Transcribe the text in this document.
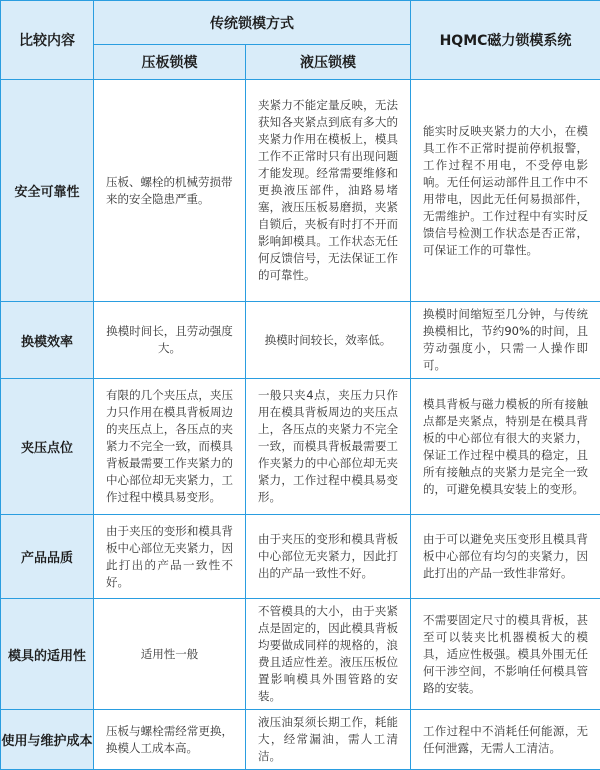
比较内容	传统锁模方式		HQMC磁力锁模系统
	压板锁模	液压锁模	
安全可靠性	压板、螺栓的机械劳损带来的安全隐患严重。	夹紧力不能定量反映，无法获知各夹紧点到底有多大的夹紧力作用在模板上，模具工作不正常时只有出现问题才能发现。经常需要维修和更换液压部件，油路易堵塞，液压压板易磨损，夹紧自锁后，夹板有时打不开而影响卸模具。工作状态无任何反馈信号，无法保证工作的可靠性。	能实时反映夹紧力的大小，在模具工作不正常时提前停机报警，工作过程不用电，不受停电影响。无任何运动部件且工作中不用带电，因此无任何易损部件，无需维护。工作过程中有实时反馈信号检测工作状态是否正常，可保证工作的可靠性。
换模效率	换模时间长，且劳动强度大。	换模时间较长，效率低。	换模时间缩短至几分钟，与传统换模相比，节约90%的时间，且劳动强度小，只需一人操作即可。
夹压点位	有限的几个夹压点，夹压力只作用在模具背板周边的夹压点上，各压点的夹紧力不完全一致，而模具背板最需要工作夹紧力的中心部位却无夹紧力，工作过程中模具易变形。	一般只夹4点，夹压力只作用在模具背板周边的夹压点上，各压点的夹紧力不完全一致，而模具背板最需要工作夹紧力的中心部位却无夹紧力，工作过程中模具易变形。	模具背板与磁力模板的所有接触点都是夹紧点，特别是在模具背板的中心部位有很大的夹紧力，保证工作过程中模具的稳定，且所有接触点的夹紧力是完全一致的，可避免模具安装上的变形。
产品品质	由于夹压的变形和模具背板中心部位无夹紧力，因此打出的产品一致性不好。	由于夹压的变形和模具背板中心部位无夹紧力，因此打出的产品一致性不好。	由于可以避免夹压变形且模具背板中心部位有均匀的夹紧力，因此打出的产品一致性非常好。
模具的适用性	适用性一般	不管模具的大小，由于夹紧点是固定的，因此模具背板均要做成同样的规格的，浪费且适应性差。液压压板位置影响模具外围管路的安装。	不需要固定尺寸的模具背板，甚至可以装夹比机器模板大的模具，适应性极强。模具外围无任何干涉空间，不影响任何模具管路的安装。
使用与维护成本	压板与螺栓需经常更换，换模人工成本高。	液压油泵须长期工作，耗能大，经常漏油，需人工清洁。	工作过程中不消耗任何能源，无任何泄露，无需人工清洁。
